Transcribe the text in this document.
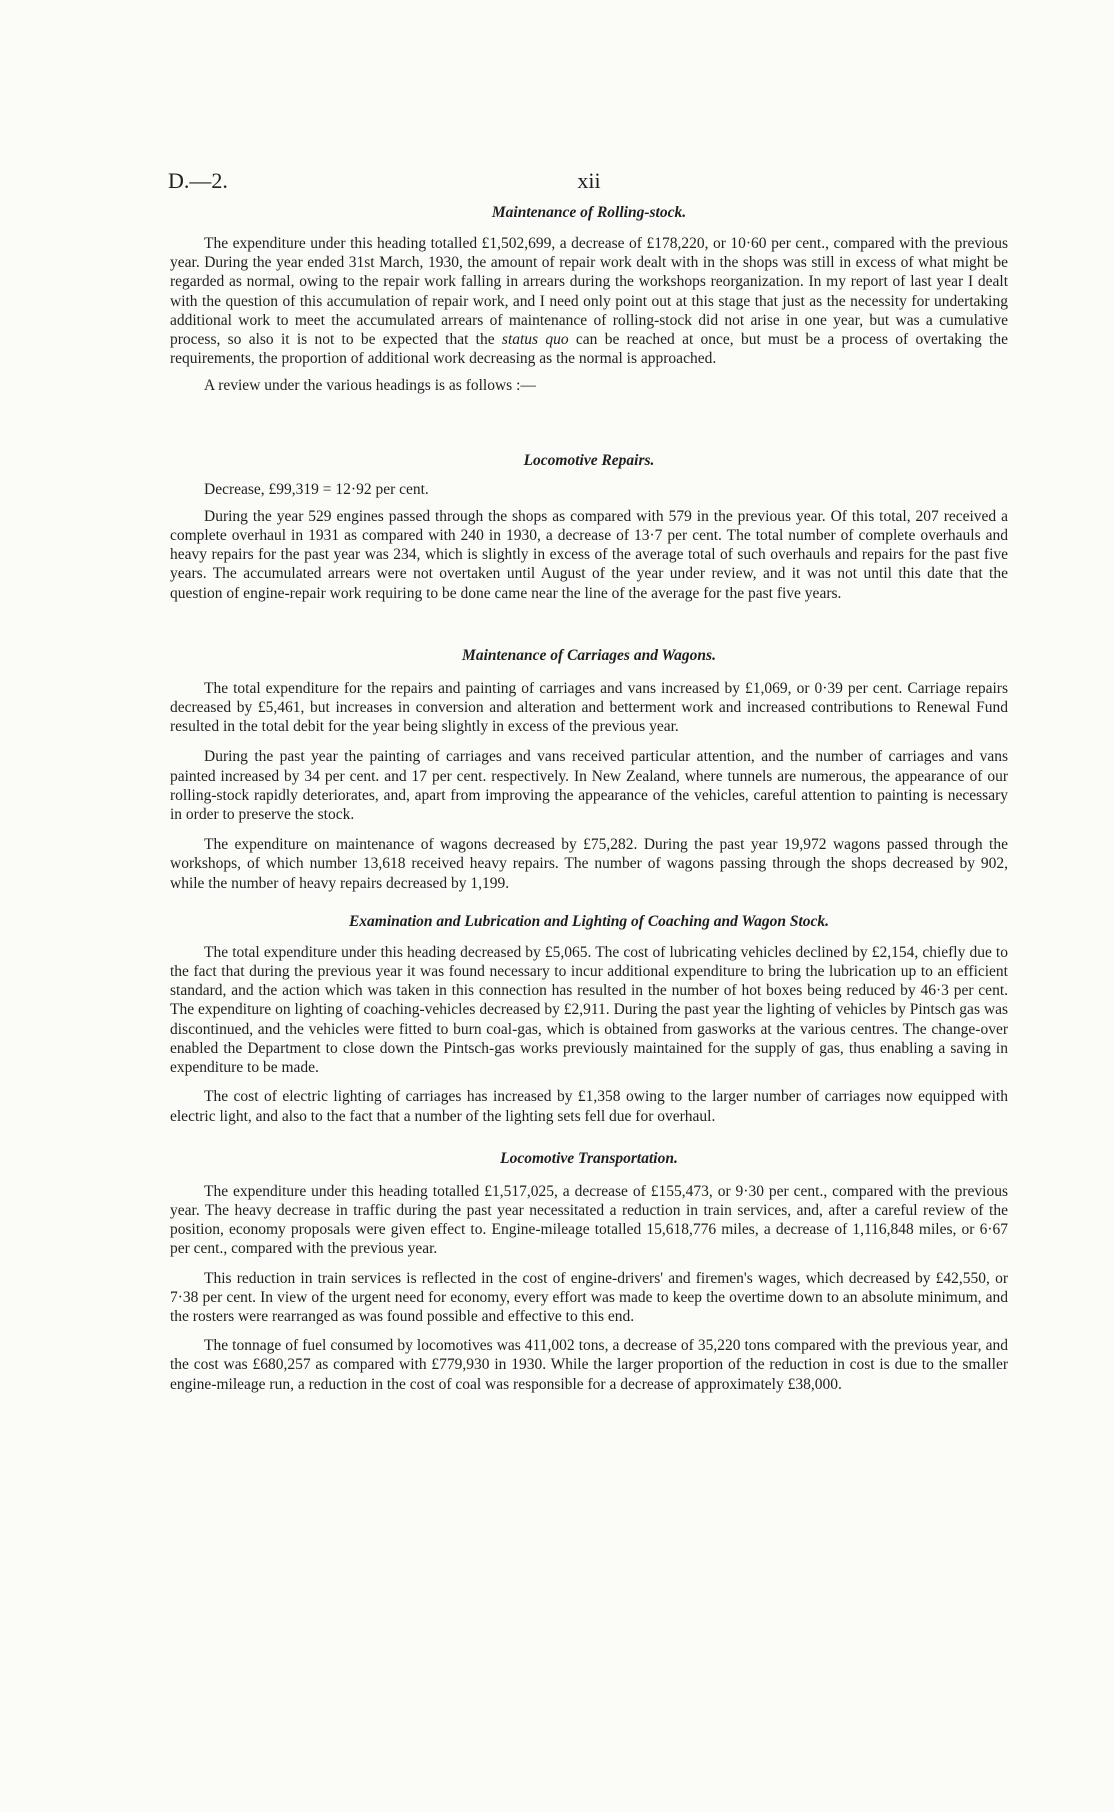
D.—2.	xii
Maintenance of Rolling-stock.

The expenditure under this heading totalled £1,502,699, a decrease of £178,220, or 10·60 per cent., compared with the previous year. During the year ended 31st March, 1930, the amount of repair work dealt with in the shops was still in excess of what might be regarded as normal, owing to the repair work falling in arrears during the workshops reorganization. In my report of last year I dealt with the question of this accumulation of repair work, and I need only point out at this stage that just as the necessity for undertaking additional work to meet the accumulated arrears of maintenance of rolling-stock did not arise in one year, but was a cumulative process, so also it is not to be expected that the status quo can be reached at once, but must be a process of overtaking the requirements, the proportion of additional work decreasing as the normal is approached.

A review under the various headings is as follows :—

Locomotive Repairs.

Decrease, £99,319 = 12·92 per cent.

During the year 529 engines passed through the shops as compared with 579 in the previous year. Of this total, 207 received a complete overhaul in 1931 as compared with 240 in 1930, a decrease of 13·7 per cent. The total number of complete overhauls and heavy repairs for the past year was 234, which is slightly in excess of the average total of such overhauls and repairs for the past five years. The accumulated arrears were not overtaken until August of the year under review, and it was not until this date that the question of engine-repair work requiring to be done came near the line of the average for the past five years.

Maintenance of Carriages and Wagons.

The total expenditure for the repairs and painting of carriages and vans increased by £1,069, or 0·39 per cent. Carriage repairs decreased by £5,461, but increases in conversion and alteration and betterment work and increased contributions to Renewal Fund resulted in the total debit for the year being slightly in excess of the previous year.

During the past year the painting of carriages and vans received particular attention, and the number of carriages and vans painted increased by 34 per cent. and 17 per cent. respectively. In New Zealand, where tunnels are numerous, the appearance of our rolling-stock rapidly deteriorates, and, apart from improving the appearance of the vehicles, careful attention to painting is necessary in order to preserve the stock.

The expenditure on maintenance of wagons decreased by £75,282. During the past year 19,972 wagons passed through the workshops, of which number 13,618 received heavy repairs. The number of wagons passing through the shops decreased by 902, while the number of heavy repairs decreased by 1,199.

Examination and Lubrication and Lighting of Coaching and Wagon Stock.

The total expenditure under this heading decreased by £5,065. The cost of lubricating vehicles declined by £2,154, chiefly due to the fact that during the previous year it was found necessary to incur additional expenditure to bring the lubrication up to an efficient standard, and the action which was taken in this connection has resulted in the number of hot boxes being reduced by 46·3 per cent. The expenditure on lighting of coaching-vehicles decreased by £2,911. During the past year the lighting of vehicles by Pintsch gas was discontinued, and the vehicles were fitted to burn coal-gas, which is obtained from gasworks at the various centres. The change-over enabled the Department to close down the Pintsch-gas works previously maintained for the supply of gas, thus enabling a saving in expenditure to be made.

The cost of electric lighting of carriages has increased by £1,358 owing to the larger number of carriages now equipped with electric light, and also to the fact that a number of the lighting sets fell due for overhaul.

Locomotive Transportation.

The expenditure under this heading totalled £1,517,025, a decrease of £155,473, or 9·30 per cent., compared with the previous year. The heavy decrease in traffic during the past year necessitated a reduction in train services, and, after a careful review of the position, economy proposals were given effect to. Engine-mileage totalled 15,618,776 miles, a decrease of 1,116,848 miles, or 6·67 per cent., compared with the previous year.

This reduction in train services is reflected in the cost of engine-drivers' and firemen's wages, which decreased by £42,550, or 7·38 per cent. In view of the urgent need for economy, every effort was made to keep the overtime down to an absolute minimum, and the rosters were rearranged as was found possible and effective to this end.

The tonnage of fuel consumed by locomotives was 411,002 tons, a decrease of 35,220 tons compared with the previous year, and the cost was £680,257 as compared with £779,930 in 1930. While the larger proportion of the reduction in cost is due to the smaller engine-mileage run, a reduction in the cost of coal was responsible for a decrease of approximately £38,000.
